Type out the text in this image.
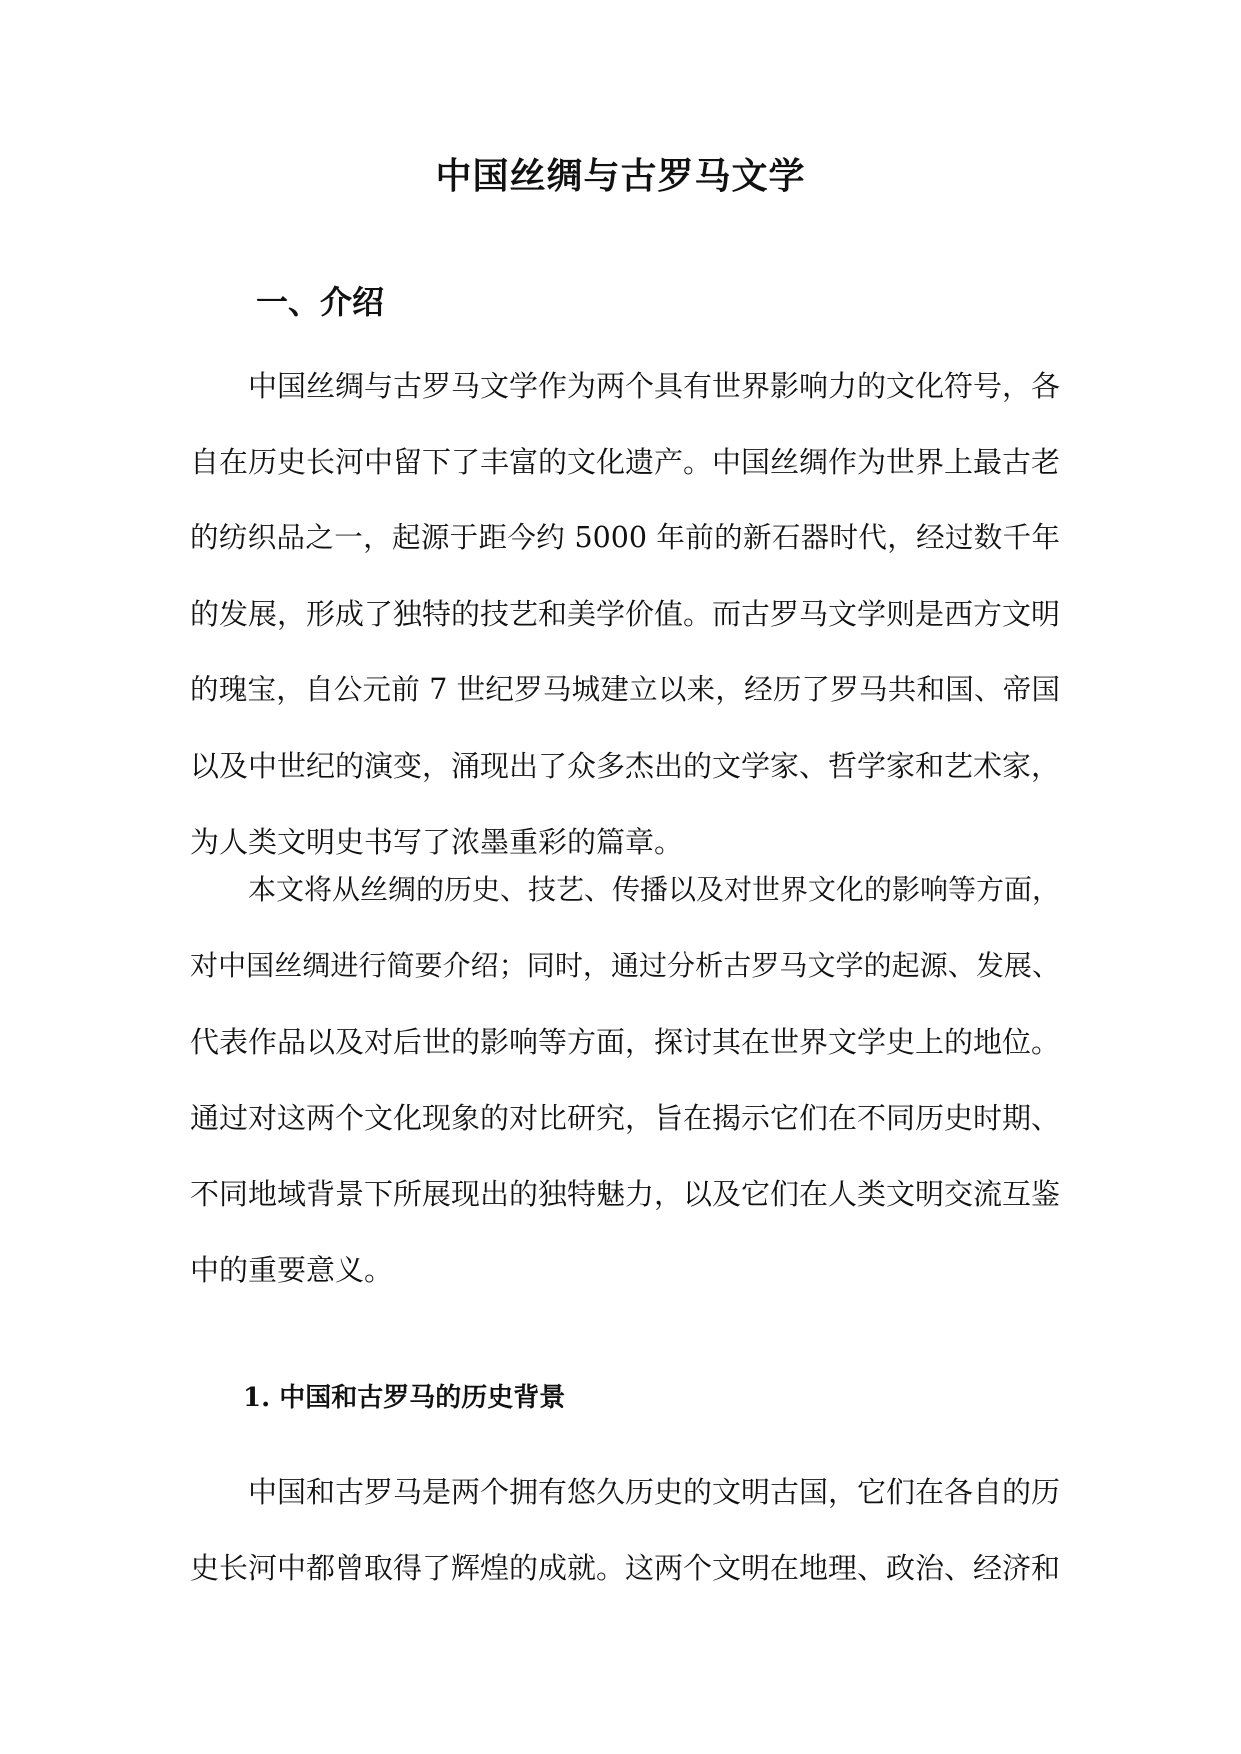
中国丝绸与古罗马文学
一、介绍
中国丝绸与古罗马文学作为两个具有世界影响力的文化符号，各
自在历史长河中留下了丰富的文化遗产。中国丝绸作为世界上最古老
的纺织品之一，起源于距今约 5000 年前的新石器时代，经过数千年
的发展，形成了独特的技艺和美学价值。而古罗马文学则是西方文明
的瑰宝，自公元前 7 世纪罗马城建立以来，经历了罗马共和国、帝国
以及中世纪的演变，涌现出了众多杰出的文学家、哲学家和艺术家，
为人类文明史书写了浓墨重彩的篇章。
本文将从丝绸的历史、技艺、传播以及对世界文化的影响等方面，
对中国丝绸进行简要介绍；同时，通过分析古罗马文学的起源、发展、
代表作品以及对后世的影响等方面，探讨其在世界文学史上的地位。
通过对这两个文化现象的对比研究，旨在揭示它们在不同历史时期、
不同地域背景下所展现出的独特魅力，以及它们在人类文明交流互鉴
中的重要意义。
1. 中国和古罗马的历史背景
中国和古罗马是两个拥有悠久历史的文明古国，它们在各自的历
史长河中都曾取得了辉煌的成就。这两个文明在地理、政治、经济和
